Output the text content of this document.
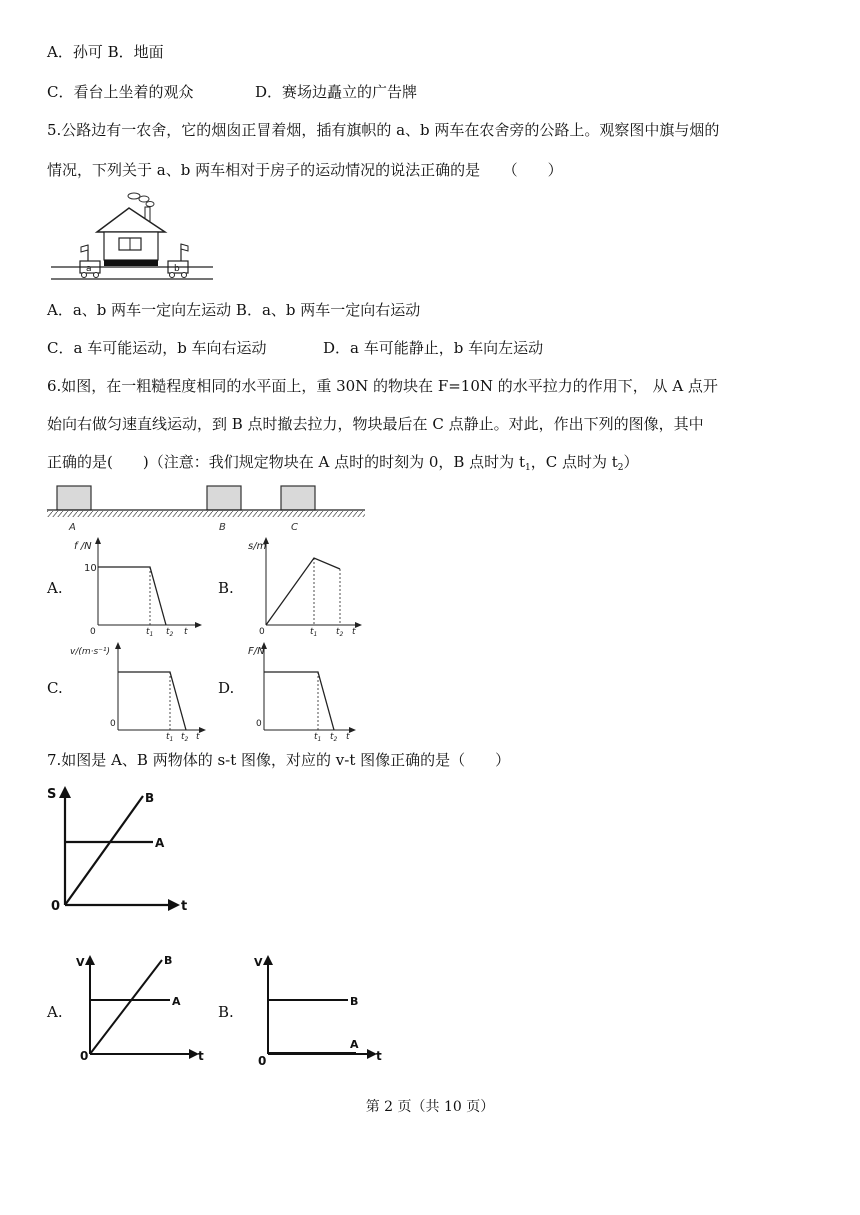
A．孙可 B．地面
C．看台上坐着的观众	D．赛场边矗立的广告牌
5.公路边有一农舍，它的烟囱正冒着烟，插有旗帜的 a、b 两车在农舍旁的公路上。观察图中旗与烟的
情况，下列关于 a、b 两车相对于房子的运动情况的说法正确的是　　（　　）
a	b
A．a、b 两车一定向左运动 B．a、b 两车一定向右运动
C．a 车可能运动，b 车向右运动	D．a 车可能静止，b 车向左运动
6.如图，在一粗糙程度相同的水平面上，重 30N 的物块在 F=10N 的水平拉力的作用下， 从 A 点开
始向右做匀速直线运动，到 B 点时撤去拉力，物块最后在 C 点静止。对此，作出下列的图像，其中
正确的是(　　)（注意：我们规定物块在 A 点时的时刻为 0，B 点时为 $t_1$，C 点时为 $t_2$）
A	B	C
A.
f /N
10
0	$t_1$ $t_2$ t
B.
s/m
0	$t_1$ $t_2$ t
C.
v/(m·s⁻¹)
0
$t_1$ $t_2$ t
D.
F/N
0
$t_1$ $t_2$ t
7.如图是 A、B 两物体的 s-t 图像，对应的 v-t 图像正确的是（　　）
S
t
0
A
B
A.
V
t
0
A
B
B.
V
t
0
B
A
第 2 页（共 10 页）
